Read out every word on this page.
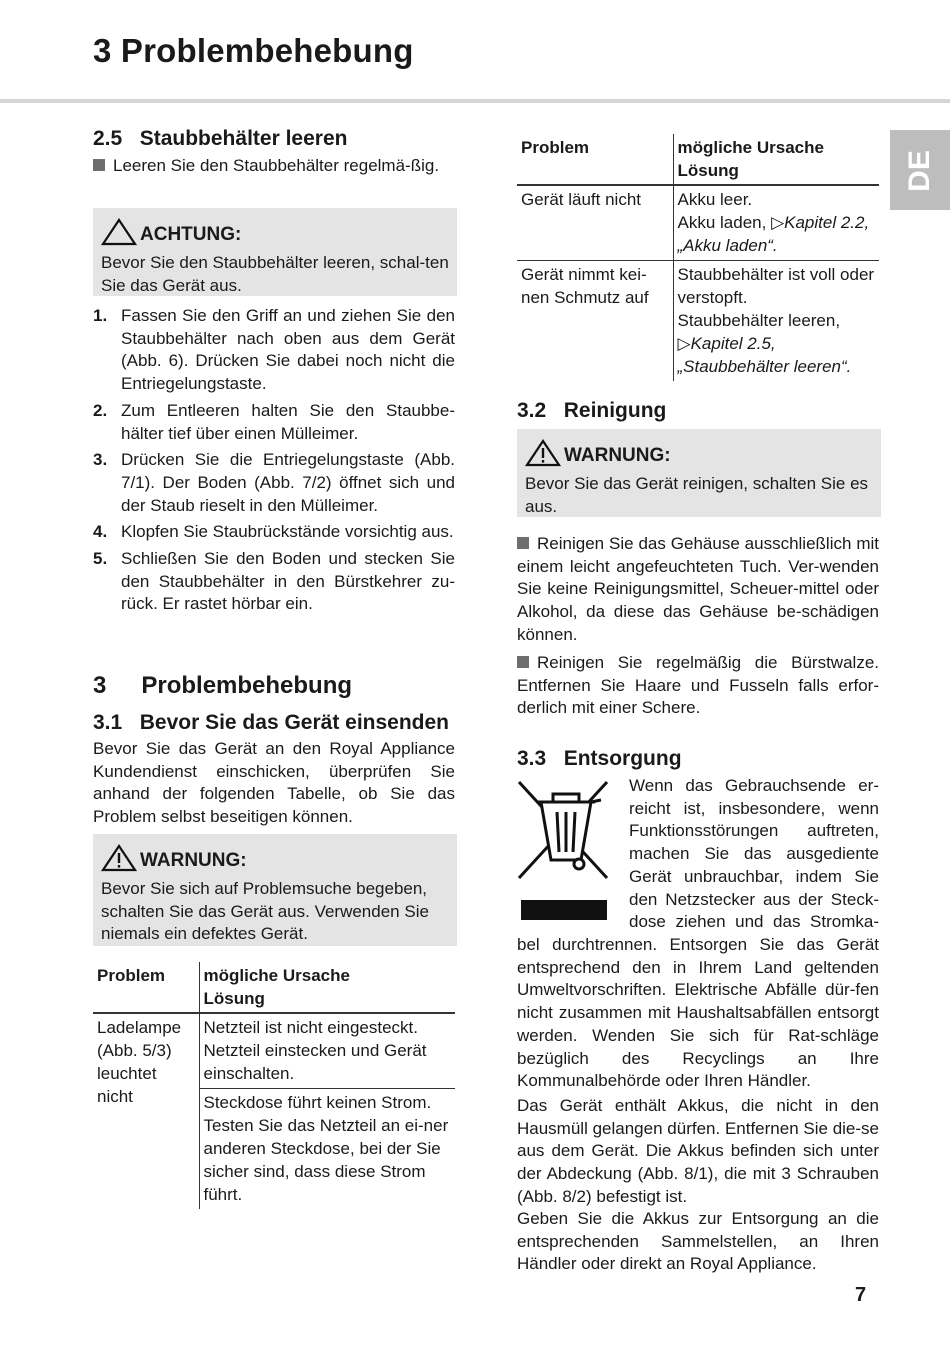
3 Problembehebung
DE
2.5 Staubbehälter leeren
Leeren Sie den Staubbehälter regelmä-ßig.
ACHTUNG:
Bevor Sie den Staubbehälter leeren, schal-ten Sie das Gerät aus.
1. Fassen Sie den Griff an und ziehen Sie den Staubbehälter nach oben aus dem Gerät (Abb. 6). Drücken Sie dabei noch nicht die Entriegelungstaste.
2. Zum Entleeren halten Sie den Staubbe-hälter tief über einen Mülleimer.
3. Drücken Sie die Entriegelungstaste (Abb. 7/1). Der Boden (Abb. 7/2) öffnet sich und der Staub rieselt in den Mülleimer.
4. Klopfen Sie Staubrückstände vorsichtig aus.
5. Schließen Sie den Boden und stecken Sie den Staubbehälter in den Bürstkehrer zu-rück. Er rastet hörbar ein.
3 Problembehebung
3.1 Bevor Sie das Gerät einsenden
Bevor Sie das Gerät an den Royal Appliance Kundendienst einschicken, überprüfen Sie anhand der folgenden Tabelle, ob Sie das Problem selbst beseitigen können.
WARNUNG:
Bevor Sie sich auf Problemsuche begeben, schalten Sie das Gerät aus. Verwenden Sie niemals ein defektes Gerät.
Problem	mögliche Ursache
Lösung
Ladelampe (Abb. 5/3) leuchtet nicht	Netzteil ist nicht eingesteckt.
Netzteil einstecken und Gerät einschalten.

	Steckdose führt keinen Strom.
Testen Sie das Netzteil an ei-ner anderen Steckdose, bei der Sie sicher sind, dass diese Strom führt.
Problem	mögliche Ursache
Lösung
Gerät läuft nicht	Akku leer.
Akku laden, ▷Kapitel 2.2, „Akku laden“.

Gerät nimmt kei-nen Schmutz auf	Staubbehälter ist voll oder verstopft.
Staubbehälter leeren,
▷Kapitel 2.5, „Staubbehälter leeren“.
3.2 Reinigung
WARNUNG:
Bevor Sie das Gerät reinigen, schalten Sie es aus.
Reinigen Sie das Gehäuse ausschließlich mit einem leicht angefeuchteten Tuch. Ver-wenden Sie keine Reinigungsmittel, Scheuer-mittel oder Alkohol, da diese das Gehäuse be-schädigen können.
Reinigen Sie regelmäßig die Bürstwalze. Entfernen Sie Haare und Fusseln falls erfor-derlich mit einer Schere.
3.3 Entsorgung
Wenn das Gebrauchsende er-
reicht ist, insbesondere, wenn
Funktionsstörungen auftreten,
machen Sie das ausgediente
Gerät unbrauchbar, indem Sie
den Netzstecker aus der Steck-
dose ziehen und das Stromka-
bel durchtrennen. Entsorgen Sie das Gerät entsprechend den in Ihrem Land geltenden Umweltvorschriften. Elektrische Abfälle dür-fen nicht zusammen mit Haushaltsabfällen entsorgt werden. Wenden Sie sich für Rat-schläge bezüglich des Recyclings an Ihre Kommunalbehörde oder Ihren Händler.
Das Gerät enthält Akkus, die nicht in den Hausmüll gelangen dürfen. Entfernen Sie die-se aus dem Gerät. Die Akkus befinden sich unter der Abdeckung (Abb. 8/1), die mit 3 Schrauben (Abb. 8/2) befestigt ist.
Geben Sie die Akkus zur Entsorgung an die entsprechenden Sammelstellen, an Ihren Händler oder direkt an Royal Appliance.
7
